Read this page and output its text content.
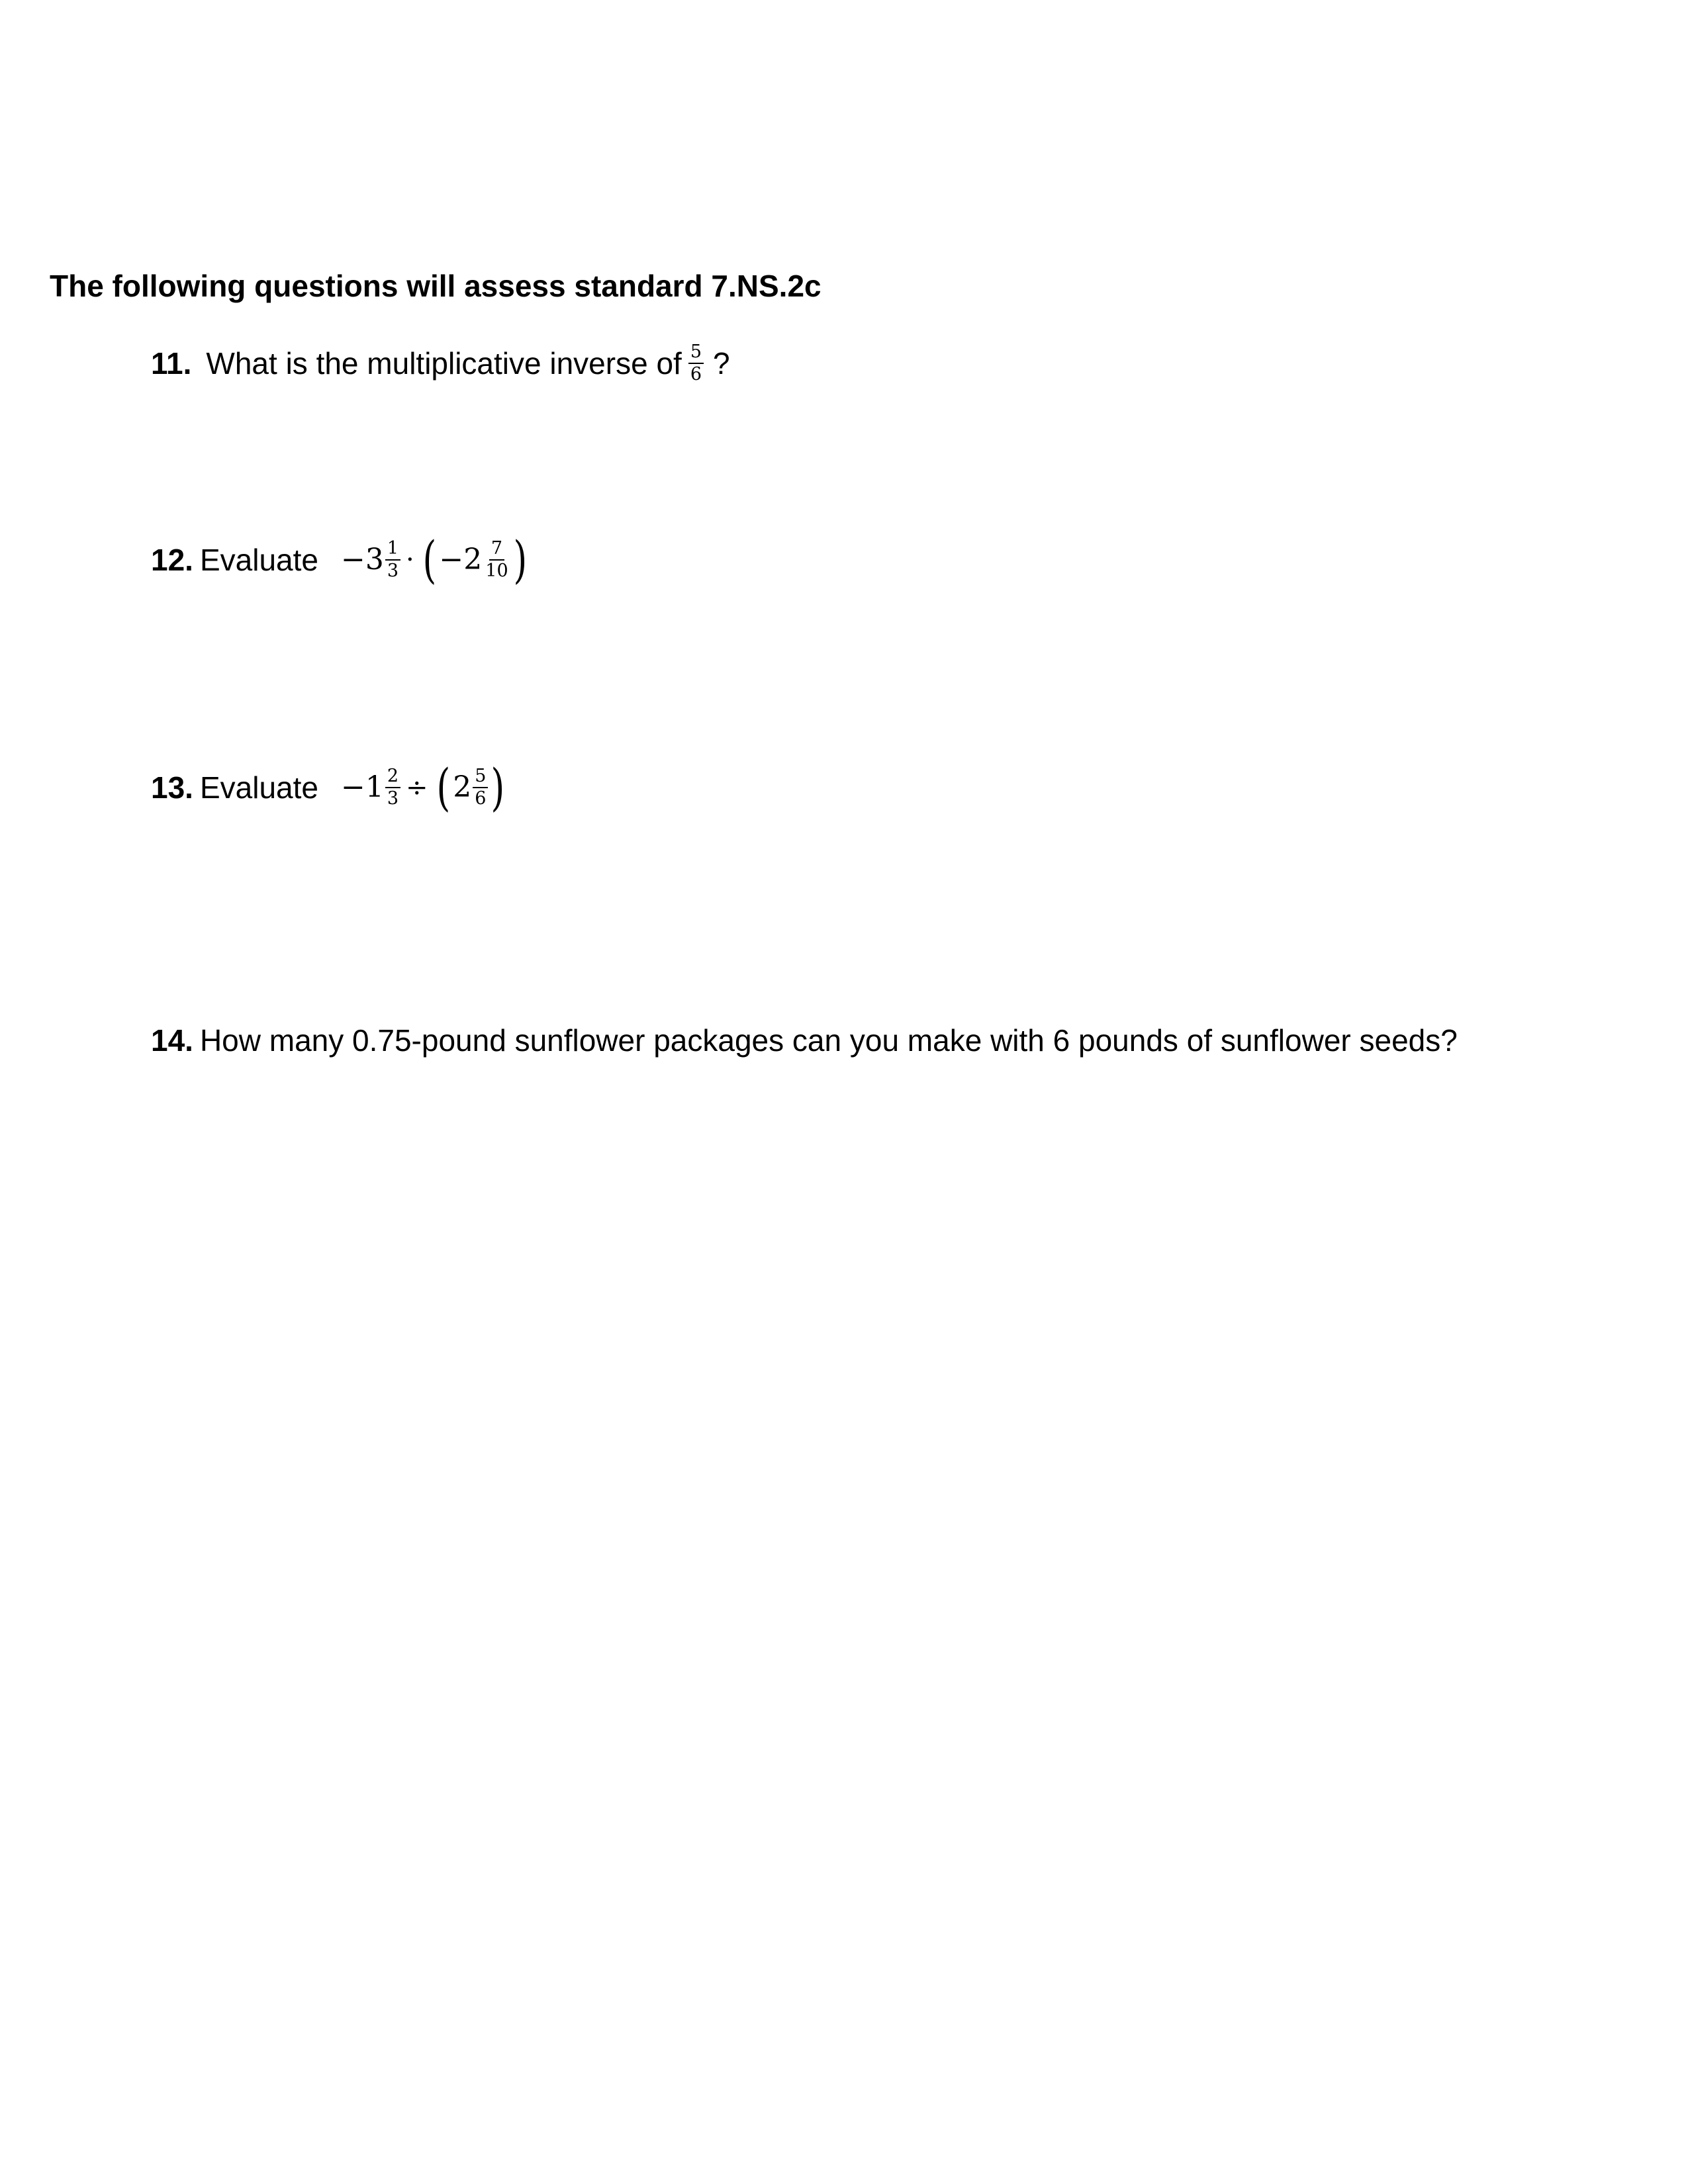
The following questions will assess standard 7.NS.2c
11. What is the multiplicative inverse of $\frac{5}{6}$ ?
12. Evaluate $-3 \frac{1}{3}$ · ( $-2 \frac{7}{10}$ )
13. Evaluate $-1 \frac{2}{3}$ ÷ ( $2 \frac{5}{6}$ )
14. How many 0.75-pound sunflower packages can you make with 6 pounds of sunflower seeds?
